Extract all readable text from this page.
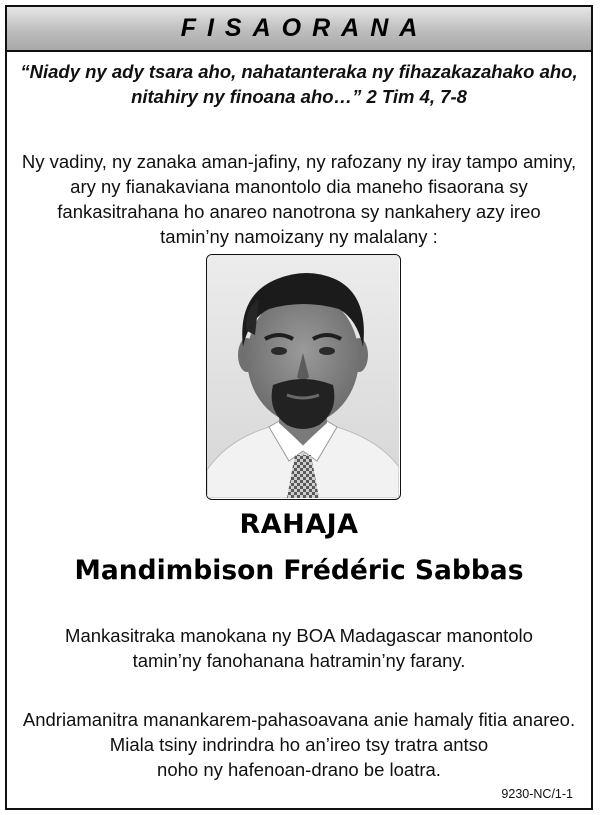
FISAORANA
“Niady ny ady tsara aho, nahatanteraka ny fihazakazahako aho,
nitahiry ny finoana aho…” 2 Tim 4, 7-8
Ny vadiny, ny zanaka aman-jafiny, ny rafozany ny iray tampo aminy,
ary ny fianakaviana manontolo dia maneho fisaorana sy
fankasitrahana ho anareo nanotrona sy nankahery azy ireo
tamin’ny namoizany ny malalany :
RAHAJA
Mandimbison Frédéric Sabbas
Mankasitraka manokana ny BOA Madagascar manontolo
tamin’ny fanohanana hatramin’ny farany.
Andriamanitra manankarem-pahasoavana anie hamaly fitia anareo.
Miala tsiny indrindra ho an’ireo tsy tratra antso
noho ny hafenoan-drano be loatra.
9230-NC/1-1
